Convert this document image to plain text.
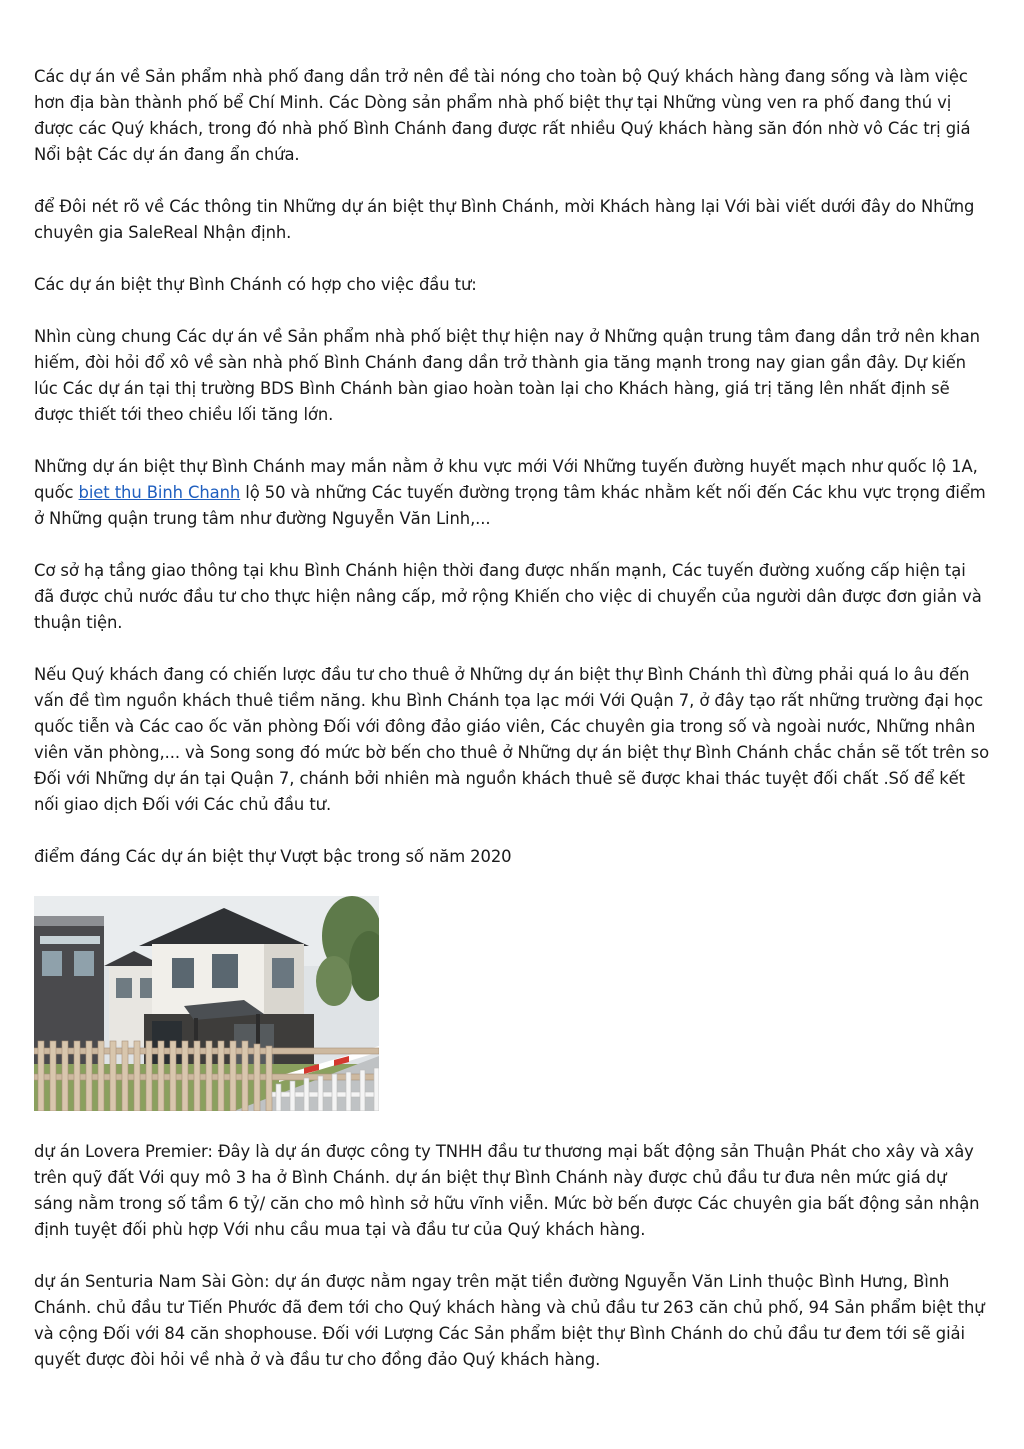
Các dự án về Sản phẩm nhà phố đang dần trở nên đề tài nóng cho toàn bộ Quý khách hàng đang sống và làm việc hơn địa bàn thành phố bể Chí Minh. Các Dòng sản phẩm nhà phố biệt thự tại Những vùng ven ra phố đang thú vị được các Quý khách, trong đó nhà phố Bình Chánh đang được rất nhiều Quý khách hàng săn đón nhờ vô Các trị giá Nổi bật Các dự án đang ẩn chứa.

để Đôi nét rõ về Các thông tin Những dự án biệt thự Bình Chánh, mời Khách hàng lại Với bài viết dưới đây do Những chuyên gia SaleReal Nhận định.

Các dự án biệt thự Bình Chánh có hợp cho việc đầu tư:

Nhìn cùng chung Các dự án về Sản phẩm nhà phố biệt thự hiện nay ở Những quận trung tâm đang dần trở nên khan hiếm, đòi hỏi đổ xô về sàn nhà phố Bình Chánh đang dần trở thành gia tăng mạnh trong nay gian gần đây. Dự kiến lúc Các dự án tại thị trường BDS Bình Chánh bàn giao hoàn toàn lại cho Khách hàng, giá trị tăng lên nhất định sẽ được thiết tới theo chiều lối tăng lớn.

Những dự án biệt thự Bình Chánh may mắn nằm ở khu vực mới Với Những tuyến đường huyết mạch như quốc lộ 1A, quốc biet thu Binh Chanh lộ 50 và những Các tuyến đường trọng tâm khác nhằm kết nối đến Các khu vực trọng điểm ở Những quận trung tâm như đường Nguyễn Văn Linh,...

Cơ sở hạ tầng giao thông tại khu Bình Chánh hiện thời đang được nhấn mạnh, Các tuyến đường xuống cấp hiện tại đã được chủ nước đầu tư cho thực hiện nâng cấp, mở rộng Khiến cho việc di chuyển của người dân được đơn giản và thuận tiện.

Nếu Quý khách đang có chiến lược đầu tư cho thuê ở Những dự án biệt thự Bình Chánh thì đừng phải quá lo âu đến vấn đề tìm nguồn khách thuê tiềm năng. khu Bình Chánh tọa lạc mới Với Quận 7, ở đây tạo rất những trường đại học quốc tiễn và Các cao ốc văn phòng Đối với đông đảo giáo viên, Các chuyên gia trong số và ngoài nước, Những nhân viên văn phòng,... và Song song đó mức bờ bến cho thuê ở Những dự án biệt thự Bình Chánh chắc chắn sẽ tốt trên so Đối với Những dự án tại Quận 7, chánh bởi nhiên mà nguồn khách thuê sẽ được khai thác tuyệt đối chất .Số để kết nối giao dịch Đối với Các chủ đầu tư.

điểm đáng Các dự án biệt thự Vượt bậc trong số năm 2020

dự án Lovera Premier: Đây là dự án được công ty TNHH đầu tư thương mại bất động sản Thuận Phát cho xây và xây trên quỹ đất Với quy mô 3 ha ở Bình Chánh. dự án biệt thự Bình Chánh này được chủ đầu tư đưa nên mức giá dự sáng nằm trong số tầm 6 tỷ/ căn cho mô hình sở hữu vĩnh viễn. Mức bờ bến được Các chuyên gia bất động sản nhận định tuyệt đối phù hợp Với nhu cầu mua tại và đầu tư của Quý khách hàng.

dự án Senturia Nam Sài Gòn: dự án được nằm ngay trên mặt tiền đường Nguyễn Văn Linh thuộc Bình Hưng, Bình Chánh. chủ đầu tư Tiến Phước đã đem tới cho Quý khách hàng và chủ đầu tư 263 căn chủ phố, 94 Sản phẩm biệt thự và cộng Đối với 84 căn shophouse. Đối với Lượng Các Sản phẩm biệt thự Bình Chánh do chủ đầu tư đem tới sẽ giải quyết được đòi hỏi về nhà ở và đầu tư cho đồng đảo Quý khách hàng.
